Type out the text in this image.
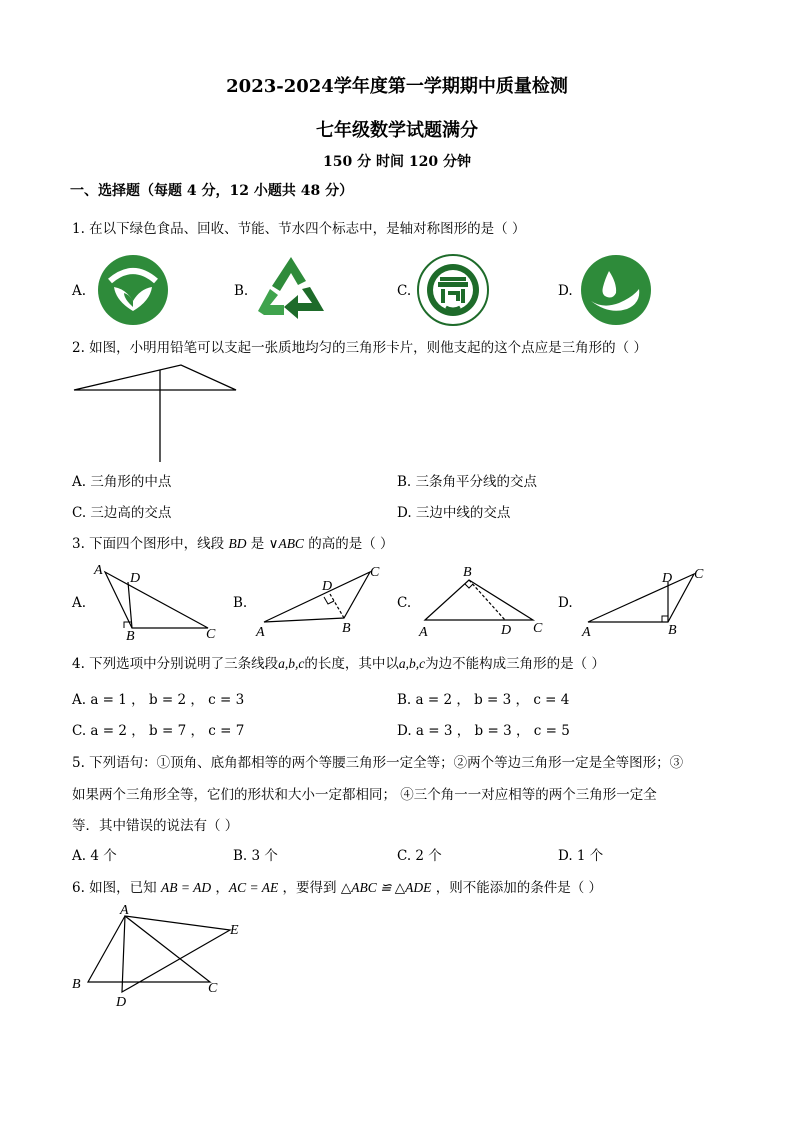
2023-2024学年度第一学期期中质量检测
七年级数学试题满分
150 分 时间 120 分钟
一、选择题（每题 4 分，12 小题共 48 分）
1. 在以下绿色食品、回收、节能、节水四个标志中，是轴对称图形的是（ ）
A.	B.	C.	D.
2. 如图，小明用铅笔可以支起一张质地均匀的三角形卡片，则他支起的这个点应是三角形的（ ）
A. 三角形的中点	B. 三条角平分线的交点
C. 三边高的交点	D. 三边中线的交点
3. 下面四个图形中，线段 BD 是 ∨ABC 的高的是（ ）
A.	B.	C.	D.
A
D
B	C	A
D
B
C
A
B
D C	A
D
B
C
4. 下列选项中分别说明了三条线段a,b,c的长度，其中以a,b,c为边不能构成三角形的是（ ）
A. a = 1 ， b = 2 ， c = 3	B. a = 2 ， b = 3 ， c = 4
C. a = 2 ， b = 7 ， c = 7	D. a = 3 ， b = 3 ， c = 5
5. 下列语句：①顶角、底角都相等的两个等腰三角形一定全等；②两个等边三角形一定是全等图形；③
如果两个三角形全等，它们的形状和大小一定都相同； ④三个角一一对应相等的两个三角形一定全
等．其中错误的说法有（ ）
A. 4 个	B. 3 个	C. 2 个	D. 1 个
6. 如图，已知 AB = AD ，AC = AE ，要得到 △ABC ≌ △ADE ，则不能添加的条件是（ ）
A
E
B	C
D
